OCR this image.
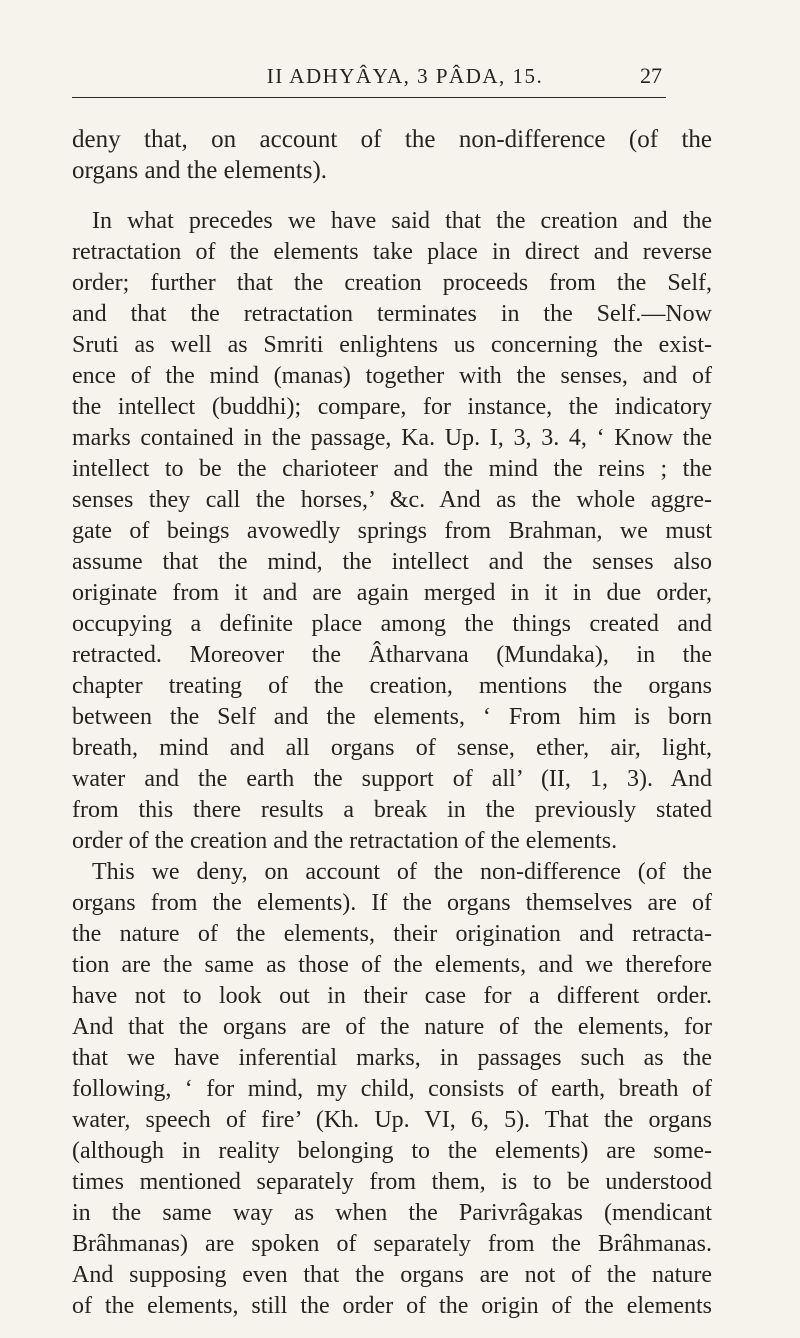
II ADHYÂYA, 3 PÂDA, 15.	27
deny that, on account of the non-difference (of the
organs and the elements).
In what precedes we have said that the creation and the
retractation of the elements take place in direct and reverse
order; further that the creation proceeds from the Self,
and that the retractation terminates in the Self.—Now
Sruti as well as Smriti enlightens us concerning the exist-
ence of the mind (manas) together with the senses, and of
the intellect (buddhi); compare, for instance, the indicatory
marks contained in the passage, Ka. Up. I, 3, 3. 4, ‘ Know the
intellect to be the charioteer and the mind the reins ; the
senses they call the horses,’ &c. And as the whole aggre-
gate of beings avowedly springs from Brahman, we must
assume that the mind, the intellect and the senses also
originate from it and are again merged in it in due order,
occupying a definite place among the things created and
retracted. Moreover the Âtharvana (Mundaka), in the
chapter treating of the creation, mentions the organs
between the Self and the elements, ‘ From him is born
breath, mind and all organs of sense, ether, air, light,
water and the earth the support of all’ (II, 1, 3). And
from this there results a break in the previously stated
order of the creation and the retractation of the elements.
This we deny, on account of the non-difference (of the
organs from the elements). If the organs themselves are of
the nature of the elements, their origination and retracta-
tion are the same as those of the elements, and we therefore
have not to look out in their case for a different order.
And that the organs are of the nature of the elements, for
that we have inferential marks, in passages such as the
following, ‘ for mind, my child, consists of earth, breath of
water, speech of fire’ (Kh. Up. VI, 6, 5). That the organs
(although in reality belonging to the elements) are some-
times mentioned separately from them, is to be understood
in the same way as when the Parivrâgakas (mendicant
Brâhmanas) are spoken of separately from the Brâhmanas.
And supposing even that the organs are not of the nature
of the elements, still the order of the origin of the elements
